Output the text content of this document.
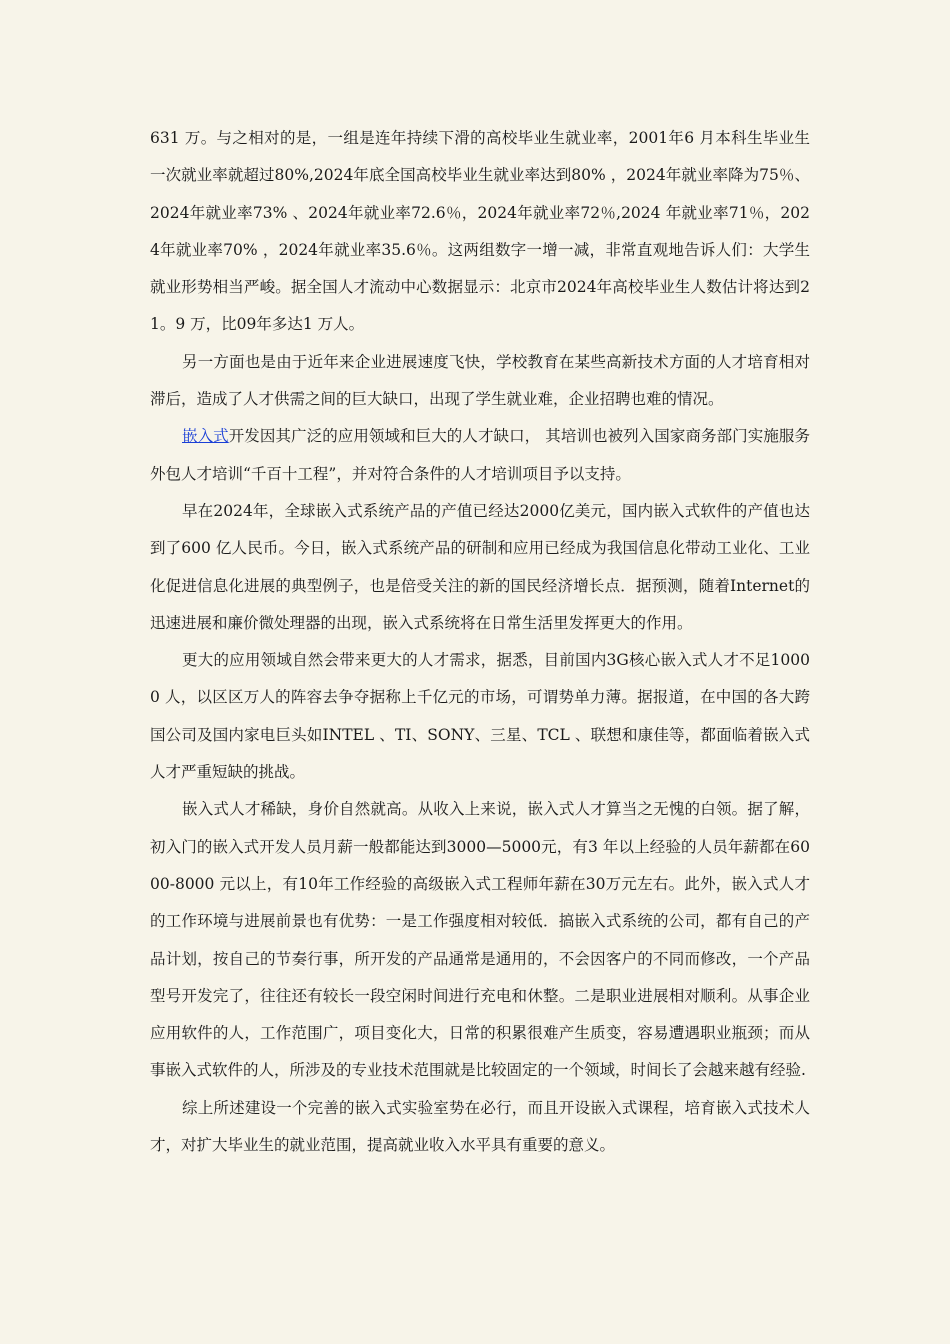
631 万。与之相对的是，一组是连年持续下滑的高校毕业生就业率，2001年6 月本科生毕业生一次就业率就超过80%,2024年底全国高校毕业生就业率达到80% ，2024年就业率降为75％、2024年就业率73% 、2024年就业率72.6％，2024年就业率72％,2024 年就业率71％，2024年就业率70% ，2024年就业率35.6％。这两组数字一增一减，非常直观地告诉人们：大学生就业形势相当严峻。据全国人才流动中心数据显示：北京市2024年高校毕业生人数估计将达到21。9 万，比09年多达1 万人。

另一方面也是由于近年来企业进展速度飞快，学校教育在某些高新技术方面的人才培育相对滞后，造成了人才供需之间的巨大缺口，出现了学生就业难，企业招聘也难的情况。

嵌入式开发因其广泛的应用领域和巨大的人才缺口， 其培训也被列入国家商务部门实施服务外包人才培训“千百十工程”，并对符合条件的人才培训项目予以支持。

早在2024年，全球嵌入式系统产品的产值已经达2000亿美元，国内嵌入式软件的产值也达到了600 亿人民币。今日，嵌入式系统产品的研制和应用已经成为我国信息化带动工业化、工业化促进信息化进展的典型例子，也是倍受关注的新的国民经济增长点．据预测，随着Internet的迅速进展和廉价微处理器的出现，嵌入式系统将在日常生活里发挥更大的作用。

更大的应用领域自然会带来更大的人才需求，据悉，目前国内3G核心嵌入式人才不足10000 人，以区区万人的阵容去争夺据称上千亿元的市场，可谓势单力薄。据报道，在中国的各大跨国公司及国内家电巨头如INTEL 、TI、SONY、三星、TCL 、联想和康佳等，都面临着嵌入式人才严重短缺的挑战。

嵌入式人才稀缺，身价自然就高。从收入上来说，嵌入式人才算当之无愧的白领。据了解，初入门的嵌入式开发人员月薪一般都能达到3000—5000元，有3 年以上经验的人员年薪都在6000-8000 元以上，有10年工作经验的高级嵌入式工程师年薪在30万元左右。此外，嵌入式人才的工作环境与进展前景也有优势：一是工作强度相对较低．搞嵌入式系统的公司，都有自己的产品计划，按自己的节奏行事，所开发的产品通常是通用的，不会因客户的不同而修改，一个产品型号开发完了，往往还有较长一段空闲时间进行充电和休整。二是职业进展相对顺利。从事企业应用软件的人，工作范围广，项目变化大，日常的积累很难产生质变，容易遭遇职业瓶颈；而从事嵌入式软件的人，所涉及的专业技术范围就是比较固定的一个领域，时间长了会越来越有经验.

综上所述建设一个完善的嵌入式实验室势在必行，而且开设嵌入式课程，培育嵌入式技术人才，对扩大毕业生的就业范围，提高就业收入水平具有重要的意义。
